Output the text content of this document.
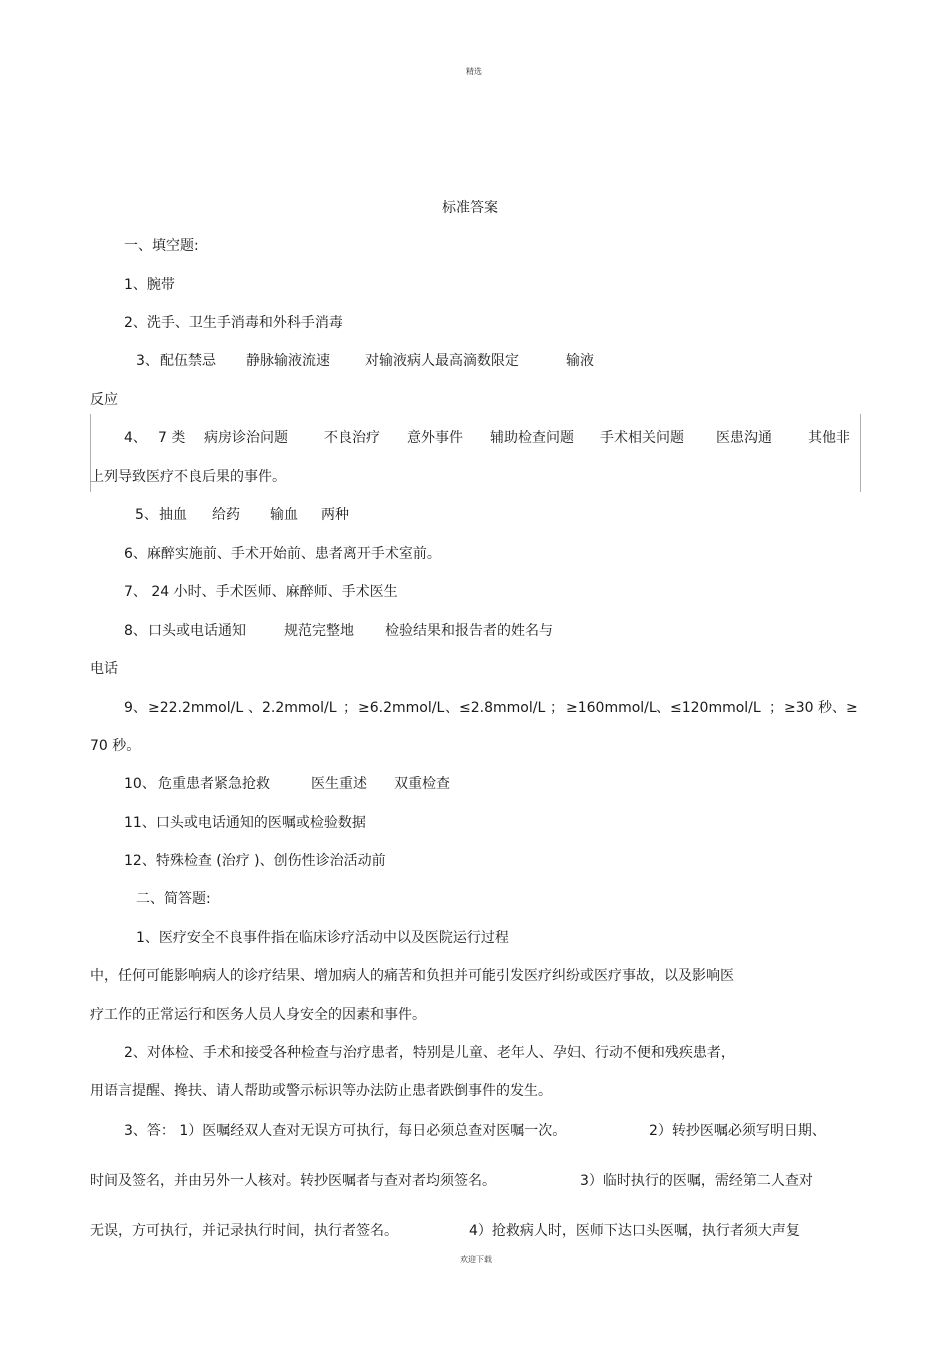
精选
标准答案
一、填空题:
1、腕带
2、洗手、卫生手消毒和外科手消毒
3、 配伍禁忌 静脉输液流速	对输液病人最高滴数限定	输液
反应
4、 7 类 病房诊治问题	不良治疗 意外事件 辅助检查问题 手术相关问题 医患沟通	其他非
上列导致医疗不良后果的事件。
5、 抽血 给药 输血 两种
6、麻醉实施前、手术开始前、患者离开手术室前。
7、 24 小时、手术医师、麻醉师、手术医生
8、 口头或电话通知	规范完整地 检验结果和报告者的姓名与
电话
9、 ≥22.2mmol/L 、2.2mmol/L ； ≥6.2mmol/L 、≤2.8mmol/L ； ≥160mmol/L 、≤120mmol/L ； ≥30 秒、≥
70 秒。
10、 危重患者紧急抢救	医生重述 双重检查
11、口头或电话通知的医嘱或检验数据
12、特殊检查 (治疗 )、创伤性诊治活动前
二、简答题:
1、医疗安全不良事件指在临床诊疗活动中以及医院运行过程
中，任何可能影响病人的诊疗结果、增加病人的痛苦和负担并可能引发医疗纠纷或医疗事故，以及影响医
疗工作的正常运行和医务人员人身安全的因素和事件。
2、对体检、手术和接受各种检查与治疗患者，特别是儿童、老年人、孕妇、行动不便和残疾患者，
用语言提醒、搀扶、请人帮助或警示标识等办法防止患者跌倒事件的发生。
3、答： 1）医嘱经双人查对无误方可执行，每日必须总查对医嘱一次。	2）转抄医嘱必须写明日期、
时间及签名，并由另外一人核对。转抄医嘱者与查对者均须签名。	3）临时执行的医嘱，需经第二人查对
无误，方可执行，并记录执行时间，执行者签名。	4）抢救病人时，医师下达口头医嘱，执行者须大声复
欢迎下载
